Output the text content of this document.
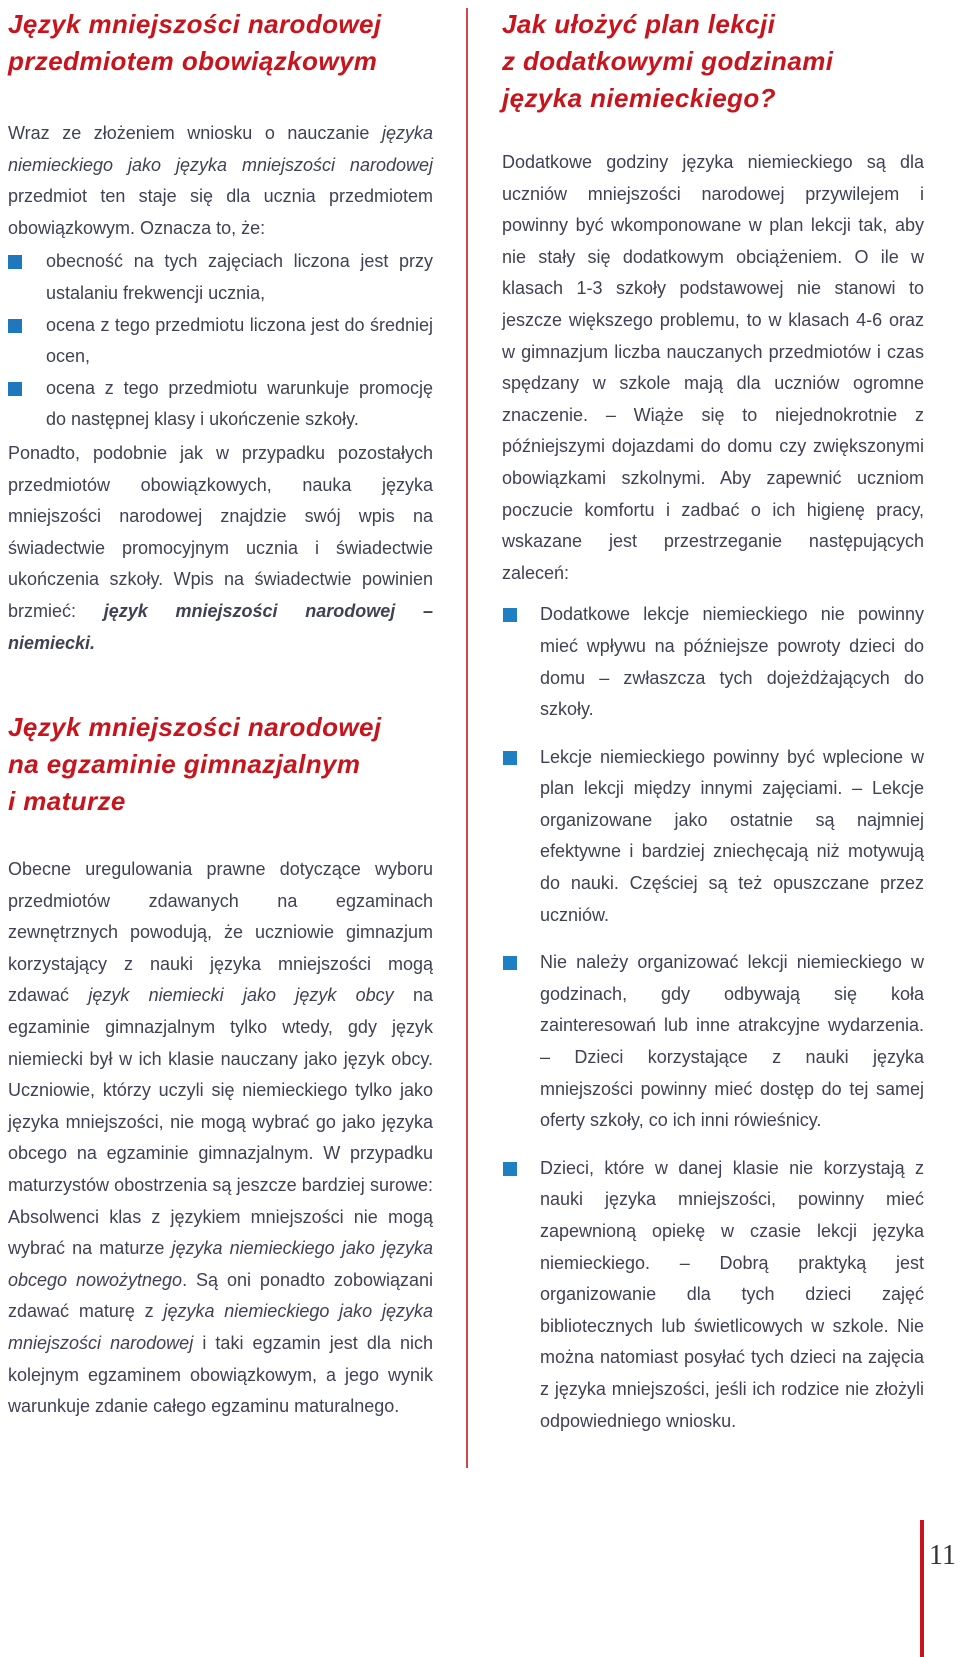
Język mniejszości narodowej
przedmiotem obowiązkowym

Wraz ze złożeniem wniosku o nauczanie języka niemieckiego jako języka mniejszości narodowej przedmiot ten staje się dla ucznia przedmiotem obowiązkowym. Oznacza to, że:

obecność na tych zajęciach liczona jest przy ustalaniu frekwencji ucznia,
ocena z tego przedmiotu liczona jest do średniej ocen,
ocena z tego przedmiotu warunkuje promocję do następnej klasy i ukończenie szkoły.

Ponadto, podobnie jak w przypadku pozostałych przedmiotów obowiązkowych, nauka języka mniejszości narodowej znajdzie swój wpis na świadectwie promocyjnym ucznia i świadectwie ukończenia szkoły. Wpis na świadectwie powinien brzmieć: język mniejszości narodowej – niemiecki.

Język mniejszości narodowej
na egzaminie gimnazjalnym
i maturze

Obecne uregulowania prawne dotyczące wyboru przedmiotów zdawanych na egzaminach zewnętrznych powodują, że uczniowie gimnazjum korzystający z nauki języka mniejszości mogą zdawać język niemiecki jako język obcy na egzaminie gimnazjalnym tylko wtedy, gdy język niemiecki był w ich klasie nauczany jako język obcy. Uczniowie, którzy uczyli się niemieckiego tylko jako języka mniejszości, nie mogą wybrać go jako języka obcego na egzaminie gimnazjalnym. W przypadku maturzystów obostrzenia są jeszcze bardziej surowe: Absolwenci klas z językiem mniejszości nie mogą wybrać na maturze języka niemieckiego jako języka obcego nowożytnego. Są oni ponadto zobowiązani zdawać maturę z języka niemieckiego jako języka mniejszości narodowej i taki egzamin jest dla nich kolejnym egzaminem obowiązkowym, a jego wynik warunkuje zdanie całego egzaminu maturalnego.

Jak ułożyć plan lekcji
z dodatkowymi godzinami
języka niemieckiego?

Dodatkowe godziny języka niemieckiego są dla uczniów mniejszości narodowej przywilejem i powinny być wkomponowane w plan lekcji tak, aby nie stały się dodatkowym obciążeniem. O ile w klasach 1-3 szkoły podstawowej nie stanowi to jeszcze większego problemu, to w klasach 4-6 oraz w gimnazjum liczba nauczanych przedmiotów i czas spędzany w szkole mają dla uczniów ogromne znaczenie. – Wiąże się to niejednokrotnie z późniejszymi dojazdami do domu czy zwiększonymi obowiązkami szkolnymi. Aby zapewnić uczniom poczucie komfortu i zadbać o ich higienę pracy, wskazane jest przestrzeganie następujących zaleceń:

Dodatkowe lekcje niemieckiego nie powinny mieć wpływu na późniejsze powroty dzieci do domu – zwłaszcza tych dojeżdżających do szkoły.
Lekcje niemieckiego powinny być wplecione w plan lekcji między innymi zajęciami. – Lekcje organizowane jako ostatnie są najmniej efektywne i bardziej zniechęcają niż motywują do nauki. Częściej są też opuszczane przez uczniów.
Nie należy organizować lekcji niemieckiego w godzinach, gdy odbywają się koła zainteresowań lub inne atrakcyjne wydarzenia. – Dzieci korzystające z nauki języka mniejszości powinny mieć dostęp do tej samej oferty szkoły, co ich inni rówieśnicy.
Dzieci, które w danej klasie nie korzystają z nauki języka mniejszości, powinny mieć zapewnioną opiekę w czasie lekcji języka niemieckiego. – Dobrą praktyką jest organizowanie dla tych dzieci zajęć bibliotecznych lub świetlicowych w szkole. Nie można natomiast posyłać tych dzieci na zajęcia z języka mniejszości, jeśli ich rodzice nie złożyli odpowiedniego wniosku.
11
